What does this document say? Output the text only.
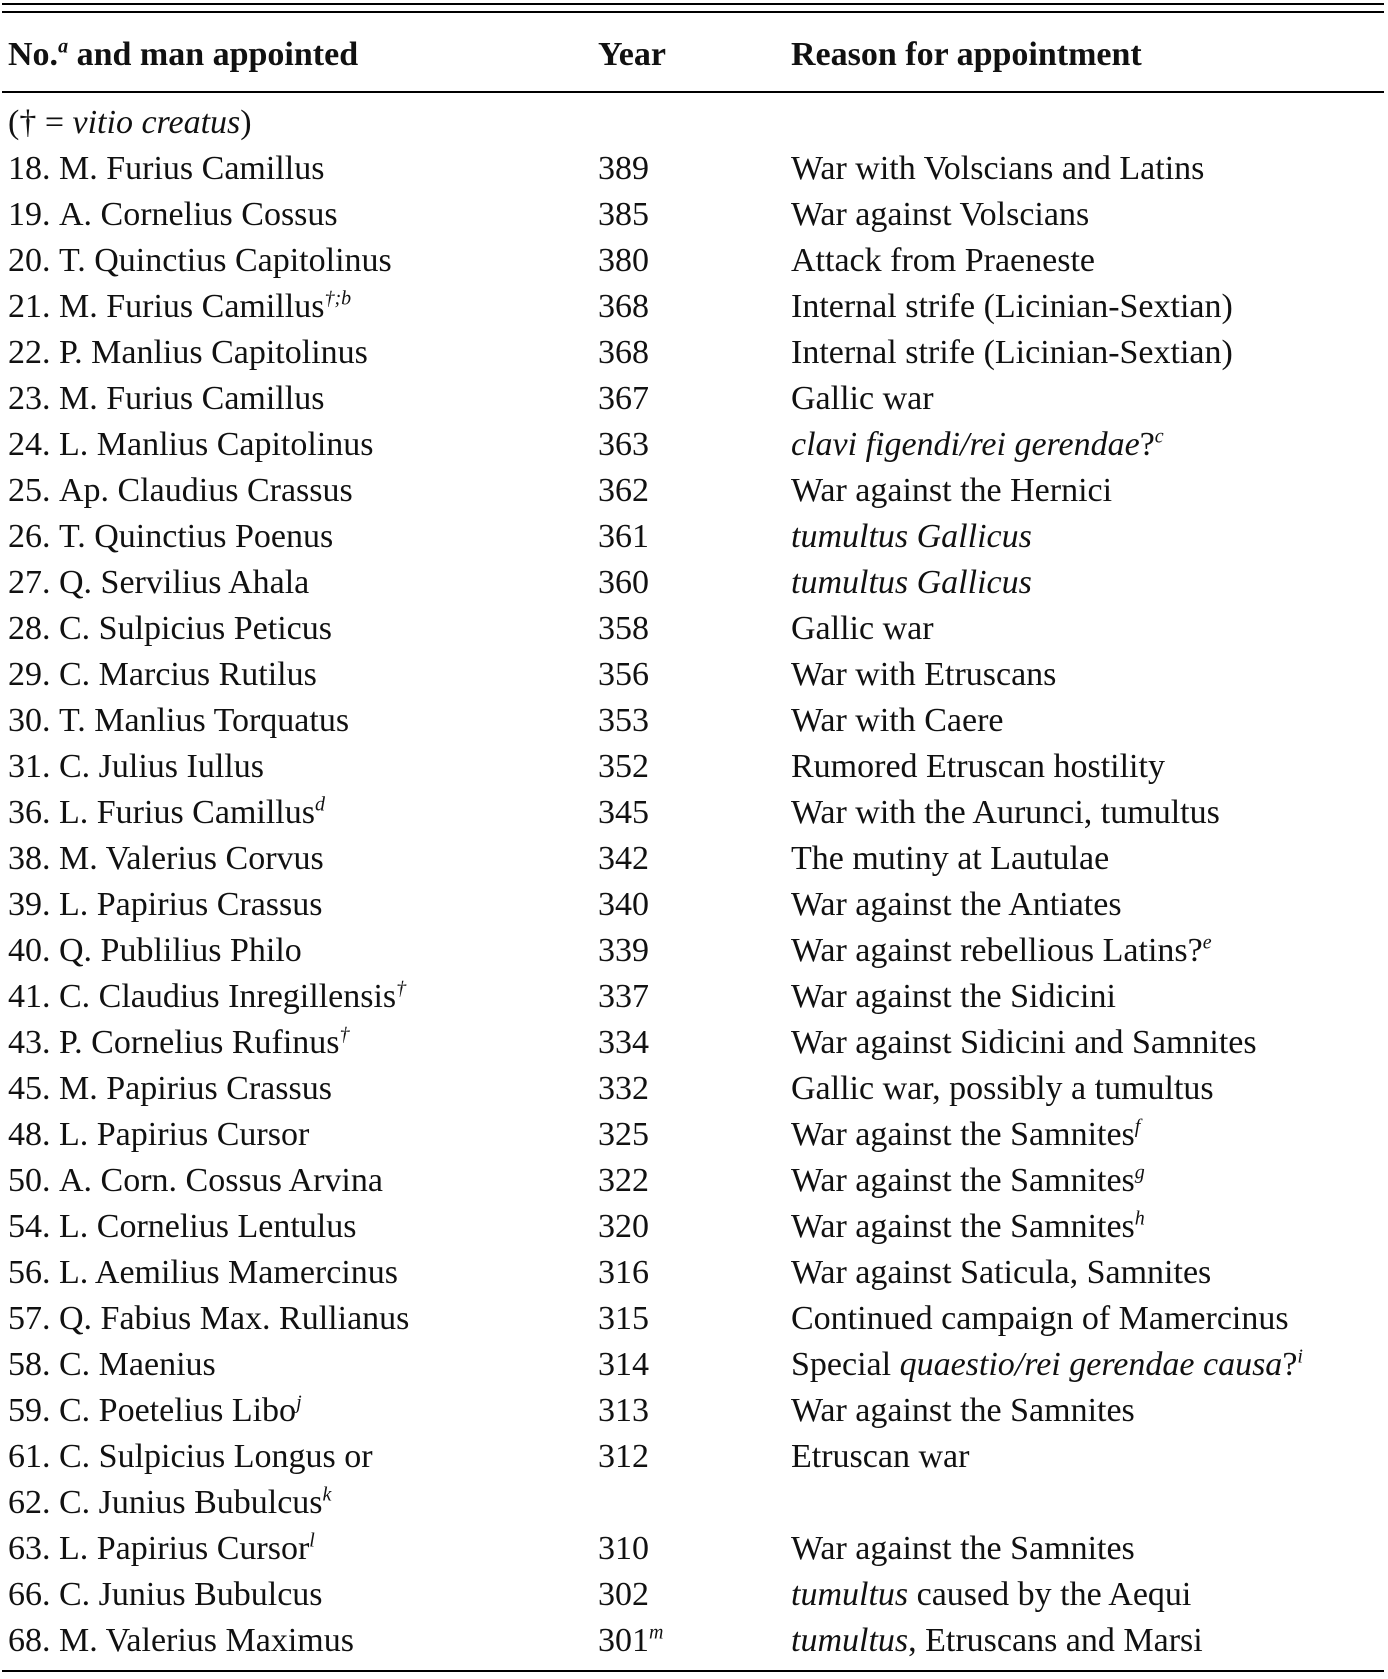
No.$^a$ and man appointed	Year	Reason for appointment
(† = vitio creatus)
18. M. Furius Camillus	389	War with Volscians and Latins
19. A. Cornelius Cossus	385	War against Volscians
20. T. Quinctius Capitolinus	380	Attack from Praeneste
21. M. Furius Camillus$^{\dagger;b}$	368	Internal strife (Licinian-Sextian)
22. P. Manlius Capitolinus	368	Internal strife (Licinian-Sextian)
23. M. Furius Camillus	367	Gallic war
24. L. Manlius Capitolinus	363	clavi figendi/rei gerendae?$^c$
25. Ap. Claudius Crassus	362	War against the Hernici
26. T. Quinctius Poenus	361	tumultus Gallicus
27. Q. Servilius Ahala	360	tumultus Gallicus
28. C. Sulpicius Peticus	358	Gallic war
29. C. Marcius Rutilus	356	War with Etruscans
30. T. Manlius Torquatus	353	War with Caere
31. C. Julius Iullus	352	Rumored Etruscan hostility
36. L. Furius Camillus$^d$	345	War with the Aurunci, tumultus
38. M. Valerius Corvus	342	The mutiny at Lautulae
39. L. Papirius Crassus	340	War against the Antiates
40. Q. Publilius Philo	339	War against rebellious Latins?$^e$
41. C. Claudius Inregillensis†	337	War against the Sidicini
43. P. Cornelius Rufinus†	334	War against Sidicini and Samnites
45. M. Papirius Crassus	332	Gallic war, possibly a tumultus
48. L. Papirius Cursor	325	War against the Samnites$^f$
50. A. Corn. Cossus Arvina	322	War against the Samnites$^g$
54. L. Cornelius Lentulus	320	War against the Samnites$^h$
56. L. Aemilius Mamercinus	316	War against Saticula, Samnites
57. Q. Fabius Max. Rullianus	315	Continued campaign of Mamercinus
58. C. Maenius	314	Special quaestio/rei gerendae causa?$^i$
59. C. Poetelius Libo$^j$	313	War against the Samnites
61. C. Sulpicius Longus or	312	Etruscan war
62. C. Junius Bubulcus$^k$
63. L. Papirius Cursor$^l$	310	War against the Samnites
66. C. Junius Bubulcus	302	tumultus caused by the Aequi
68. M. Valerius Maximus	301$^m$	tumultus, Etruscans and Marsi
